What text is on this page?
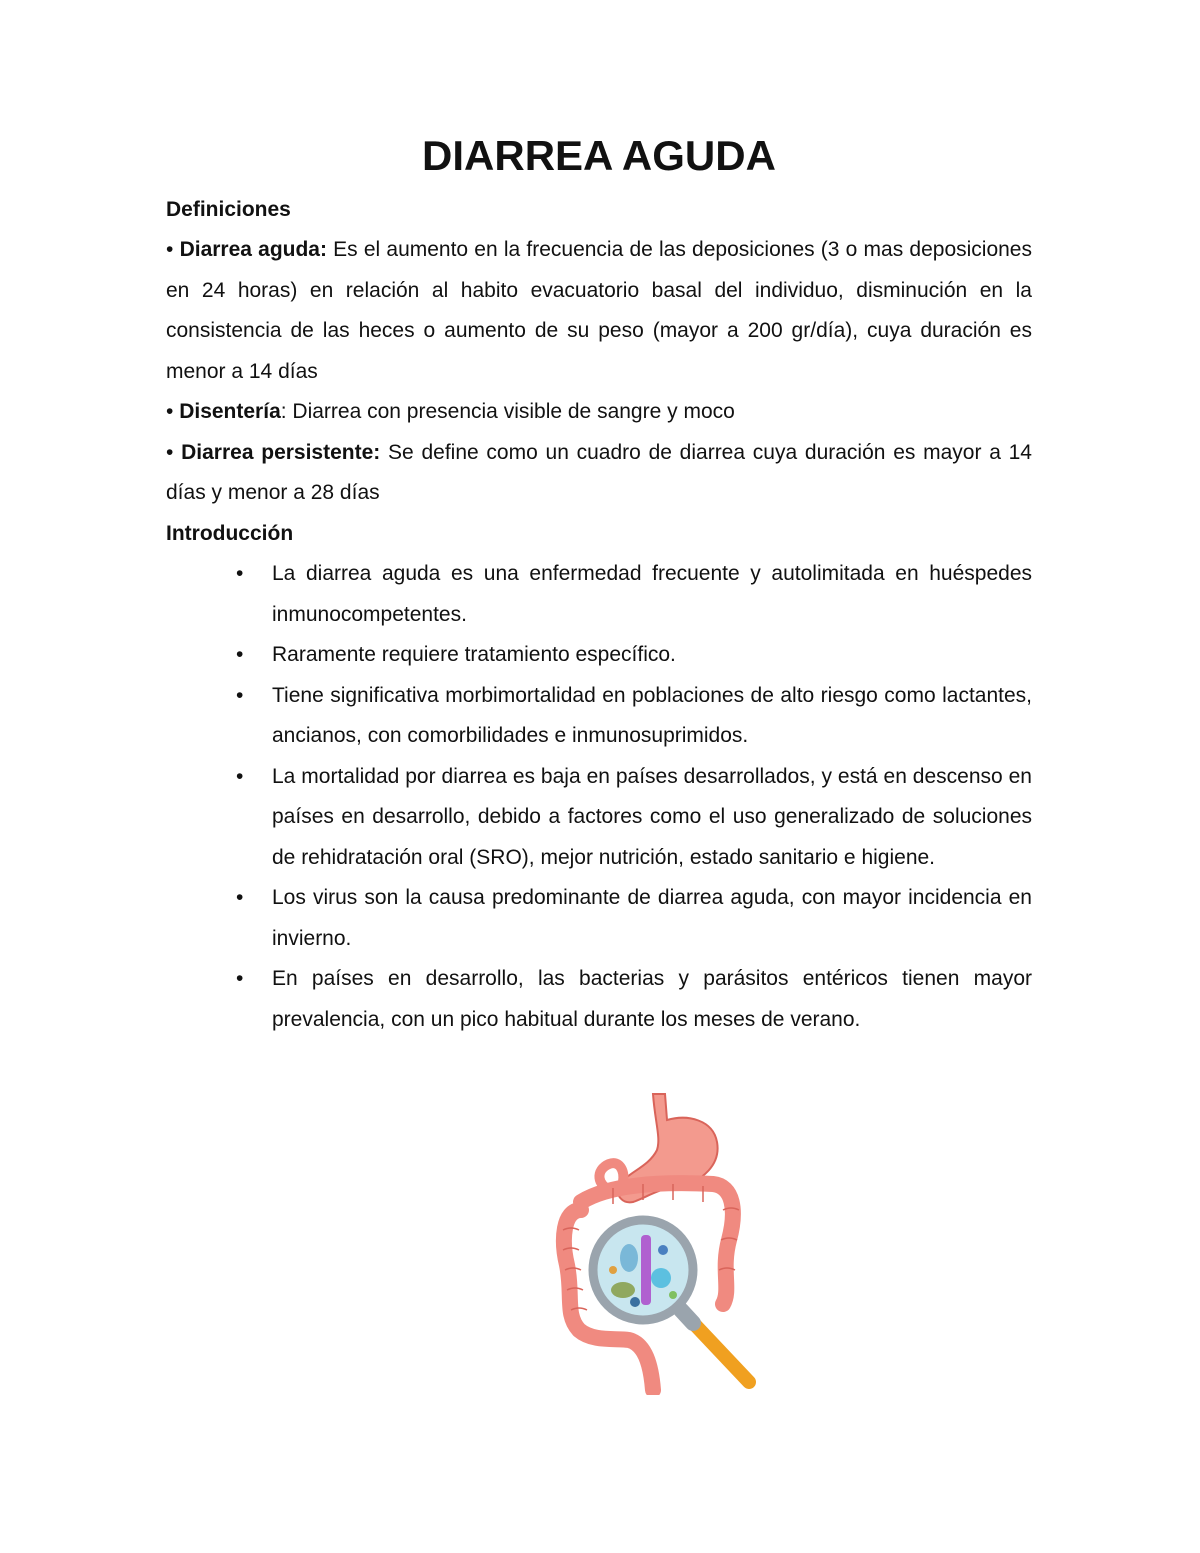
DIARREA AGUDA

Definiciones

• Diarrea aguda: Es el aumento en la frecuencia de las deposiciones (3 o mas deposiciones en 24 horas) en relación al habito evacuatorio basal del individuo, disminución en la consistencia de las heces o aumento de su peso (mayor a 200 gr/día), cuya duración es menor a 14 días

• Disentería: Diarrea con presencia visible de sangre y moco

• Diarrea persistente: Se define como un cuadro de diarrea cuya duración es mayor a 14 días y menor a 28 días

Introducción

• La diarrea aguda es una enfermedad frecuente y autolimitada en huéspedes inmunocompetentes.
• Raramente requiere tratamiento específico.
• Tiene significativa morbimortalidad en poblaciones de alto riesgo como lactantes, ancianos, con comorbilidades e inmunosuprimidos.
• La mortalidad por diarrea es baja en países desarrollados, y está en descenso en países en desarrollo, debido a factores como el uso generalizado de soluciones de rehidratación oral (SRO), mejor nutrición, estado sanitario e higiene.
• Los virus son la causa predominante de diarrea aguda, con mayor incidencia en invierno.
• En países en desarrollo, las bacterias y parásitos entéricos tienen mayor prevalencia, con un pico habitual durante los meses de verano.
